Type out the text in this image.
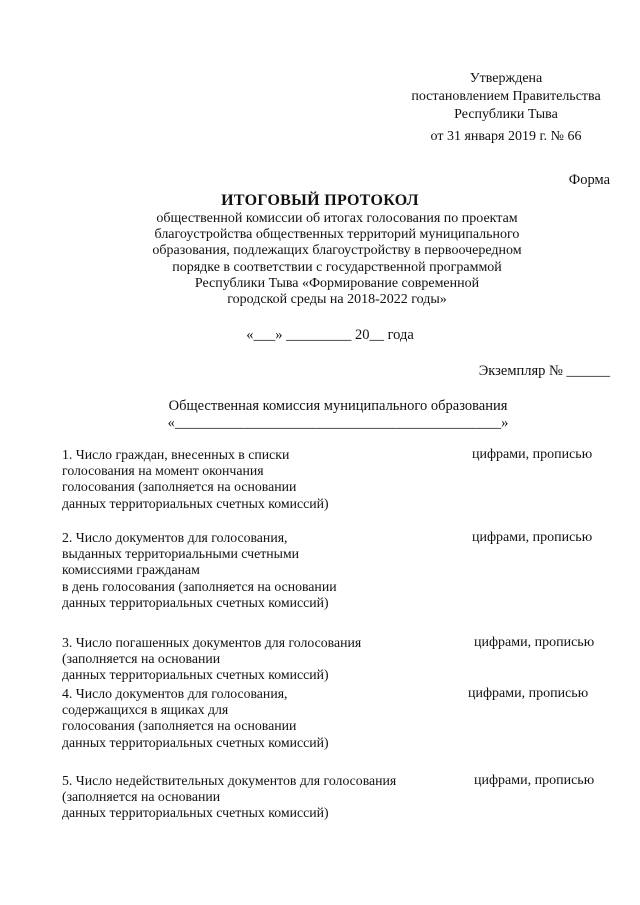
Утверждена
постановлением Правительства
Республики Тыва
от 31 января 2019 г. № 66
Форма
ИТОГОВЫЙ ПРОТОКОЛ
общественной комиссии об итогах голосования по проектам
благоустройства общественных территорий муниципального
образования, подлежащих благоустройству в первоочередном
порядке в соответствии с государственной программой
Республики Тыва «Формирование современной
городской среды на 2018-2022 годы»
«___» _________ 20__ года
Экземпляр № ______
Общественная комиссия муниципального образования
«_____________________________________________»
1. Число граждан, внесенных в списки
голосования на момент окончания
голосования (заполняется на основании
данных территориальных счетных комиссий)
цифрами, прописью
2. Число документов для голосования,
выданных территориальными счетными
комиссиями гражданам
в день голосования (заполняется на основании
данных территориальных счетных комиссий)
цифрами, прописью
3. Число погашенных документов для голосования
(заполняется на основании
данных территориальных счетных комиссий)
цифрами, прописью
4. Число документов для голосования,
содержащихся в ящиках для
голосования (заполняется на основании
данных территориальных счетных комиссий)
цифрами, прописью
5. Число недействительных документов для голосования
(заполняется на основании
данных территориальных счетных комиссий)
цифрами, прописью
